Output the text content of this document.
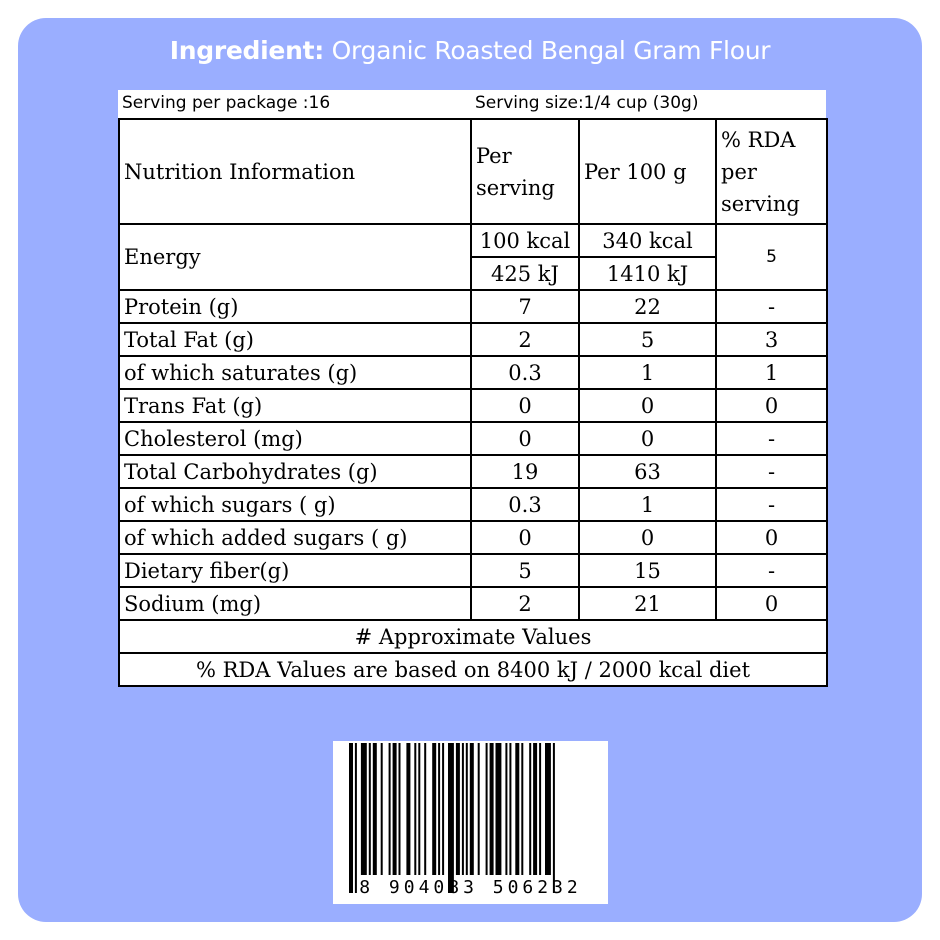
Ingredient: Organic Roasted Bengal Gram Flour
Serving per package :16	Serving size:1/4 cup (30g)
Nutrition Information	Per serving	Per 100 g	% RDA per serving
Energy	100 kcal	340 kcal	5
	425 kJ	1410 kJ	
Protein (g)	7	22	-
Total Fat (g)	2	5	3
of which saturates (g)	0.3	1	1
Trans Fat (g)	0	0	0
Cholesterol (mg)	0	0	-
Total Carbohydrates (g)	19	63	-
of which sugars ( g)	0.3	1	-
of which added sugars ( g)	0	0	0
Dietary fiber(g)	5	15	-
Sodium (mg)	2	21	0
# Approximate Values			
% RDA Values are based on 8400 kJ / 2000 kcal diet			
8 904083 506232
